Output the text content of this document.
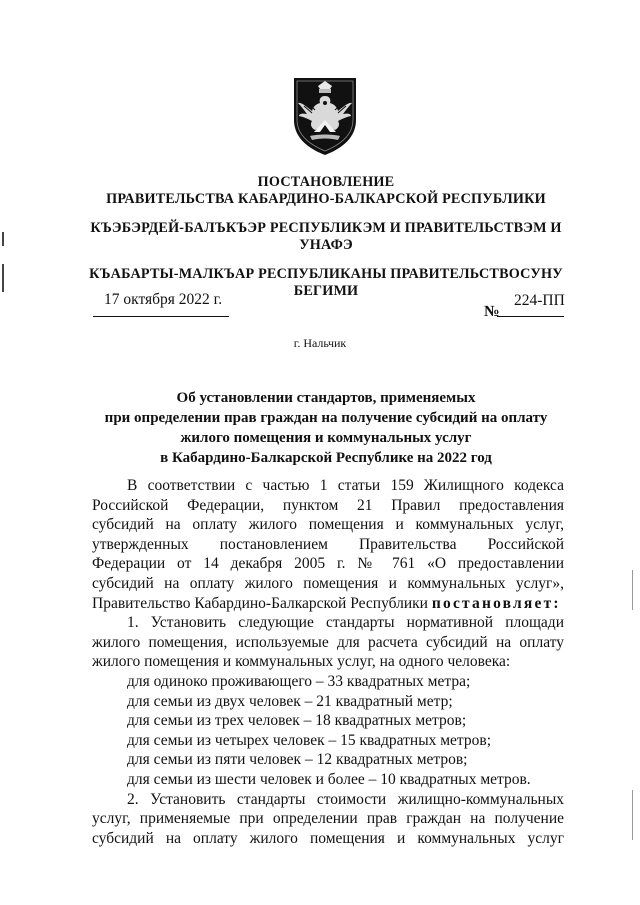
ПОСТАНОВЛЕНИЕ
ПРАВИТЕЛЬСТВА КАБАРДИНО-БАЛКАРСКОЙ РЕСПУБЛИКИ
КЪЭБЭРДЕЙ-БАЛЪКЪЭР РЕСПУБЛИКЭМ И ПРАВИТЕЛЬСТВЭМ И
УНАФЭ
КЪАБАРТЫ-МАЛКЪАР РЕСПУБЛИКАНЫ ПРАВИТЕЛЬСТВОСУНУ
БЕГИМИ
17 октября 2022 г.
№
224-ПП
г. Нальчик
Об установлении стандартов, применяемых
при определении прав граждан на получение субсидий на оплату
жилого помещения и коммунальных услуг
в Кабардино-Балкарской Республике на 2022 год

В соответствии с частью 1 статьи 159 Жилищного кодекса

Российской Федерации, пунктом 21 Правил предоставления

субсидий на оплату жилого помещения и коммунальных услуг,

утвержденных постановлением Правительства Российской

Федерации от 14 декабря 2005 г. № 761 «О предоставлении

субсидий на оплату жилого помещения и коммунальных услуг»,

Правительство Кабардино-Балкарской Республики постановляет:

1. Установить следующие стандарты нормативной площади

жилого помещения, используемые для расчета субсидий на оплату

жилого помещения и коммунальных услуг, на одного человека:

для одиноко проживающего – 33 квадратных метра;

для семьи из двух человек – 21 квадратный метр;

для семьи из трех человек – 18 квадратных метров;

для семьи из четырех человек – 15 квадратных метров;

для семьи из пяти человек – 12 квадратных метров;

для семьи из шести человек и более – 10 квадратных метров.

2. Установить стандарты стоимости жилищно-коммунальных

услуг, применяемые при определении прав граждан на получение

субсидий на оплату жилого помещения и коммунальных услуг
